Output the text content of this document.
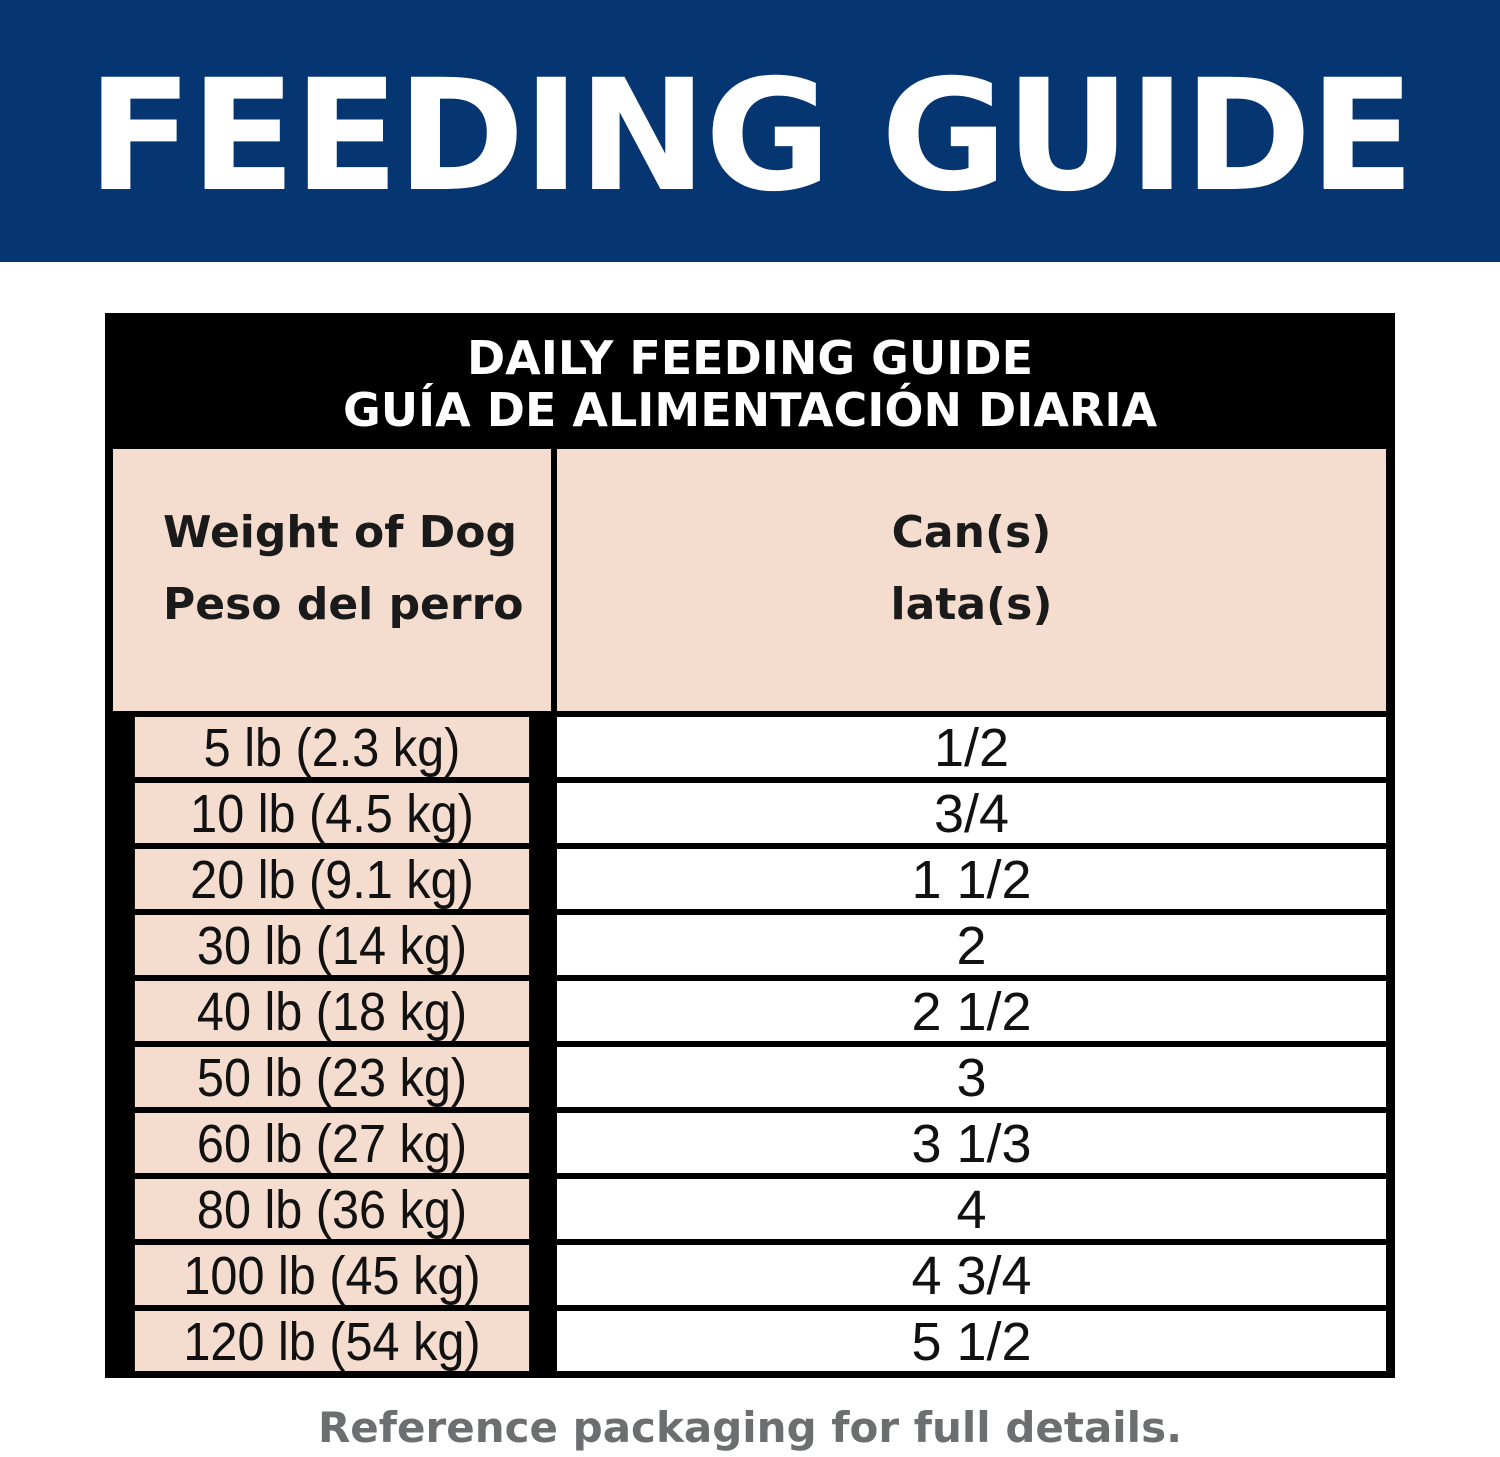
FEEDING GUIDE
DAILY FEEDING GUIDE
GUÍA DE ALIMENTACIÓN DIARIA
Weight of Dog
Peso del perro
Can(s)
lata(s)
5 lb (2.3 kg)	1/2
10 lb (4.5 kg)	3/4
20 lb (9.1 kg)	1 1/2
30 lb (14 kg)	2
40 lb (18 kg)	2 1/2
50 lb (23 kg)	3
60 lb (27 kg)	3 1/3
80 lb (36 kg)	4
100 lb (45 kg)	4 3/4
120 lb (54 kg)	5 1/2
Reference packaging for full details.
